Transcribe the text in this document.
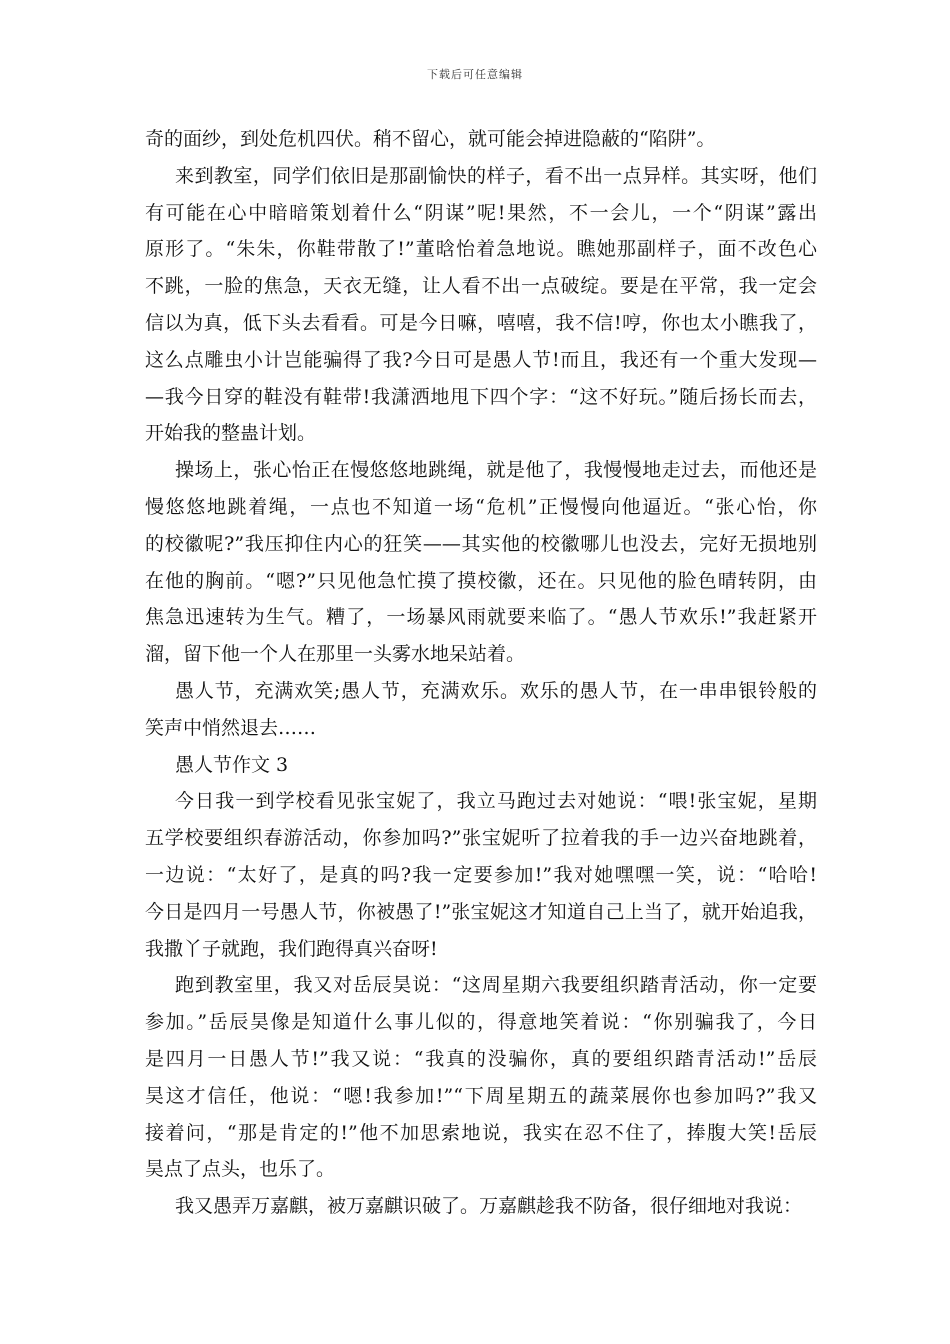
下载后可任意编辑
奇的面纱，到处危机四伏。稍不留心，就可能会掉进隐蔽的“陷阱”。
来到教室，同学们依旧是那副愉快的样子，看不出一点异样。其实呀，他们
有可能在心中暗暗策划着什么“阴谋”呢!果然，不一会儿，一个“阴谋”露出
原形了。“朱朱，你鞋带散了!”董晗怡着急地说。瞧她那副样子，面不改色心
不跳，一脸的焦急，天衣无缝，让人看不出一点破绽。要是在平常，我一定会
信以为真，低下头去看看。可是今日嘛，嘻嘻，我不信!哼，你也太小瞧我了，
这么点雕虫小计岂能骗得了我?今日可是愚人节!而且，我还有一个重大发现—
—我今日穿的鞋没有鞋带!我潇洒地甩下四个字：“这不好玩。”随后扬长而去，
开始我的整蛊计划。
操场上，张心怡正在慢悠悠地跳绳，就是他了，我慢慢地走过去，而他还是
慢悠悠地跳着绳，一点也不知道一场“危机”正慢慢向他逼近。“张心怡，你
的校徽呢?”我压抑住内心的狂笑——其实他的校徽哪儿也没去，完好无损地别
在他的胸前。“嗯?”只见他急忙摸了摸校徽，还在。只见他的脸色晴转阴，由
焦急迅速转为生气。糟了，一场暴风雨就要来临了。“愚人节欢乐!”我赶紧开
溜，留下他一个人在那里一头雾水地呆站着。
愚人节，充满欢笑;愚人节，充满欢乐。欢乐的愚人节，在一串串银铃般的
笑声中悄然退去……
愚人节作文 3
今日我一到学校看见张宝妮了，我立马跑过去对她说：“喂!张宝妮，星期
五学校要组织春游活动，你参加吗?”张宝妮听了拉着我的手一边兴奋地跳着，
一边说：“太好了，是真的吗?我一定要参加!”我对她嘿嘿一笑，说：“哈哈!
今日是四月一号愚人节，你被愚了!”张宝妮这才知道自己上当了，就开始追我，
我撒丫子就跑，我们跑得真兴奋呀!
跑到教室里，我又对岳辰昊说：“这周星期六我要组织踏青活动，你一定要
参加。”岳辰昊像是知道什么事儿似的，得意地笑着说：“你别骗我了，今日
是四月一日愚人节!”我又说：“我真的没骗你，真的要组织踏青活动!”岳辰
昊这才信任，他说：“嗯!我参加!”“下周星期五的蔬菜展你也参加吗?”我又
接着问，“那是肯定的!”他不加思索地说，我实在忍不住了，捧腹大笑!岳辰
昊点了点头，也乐了。
我又愚弄万嘉麒，被万嘉麒识破了。万嘉麒趁我不防备，很仔细地对我说：
